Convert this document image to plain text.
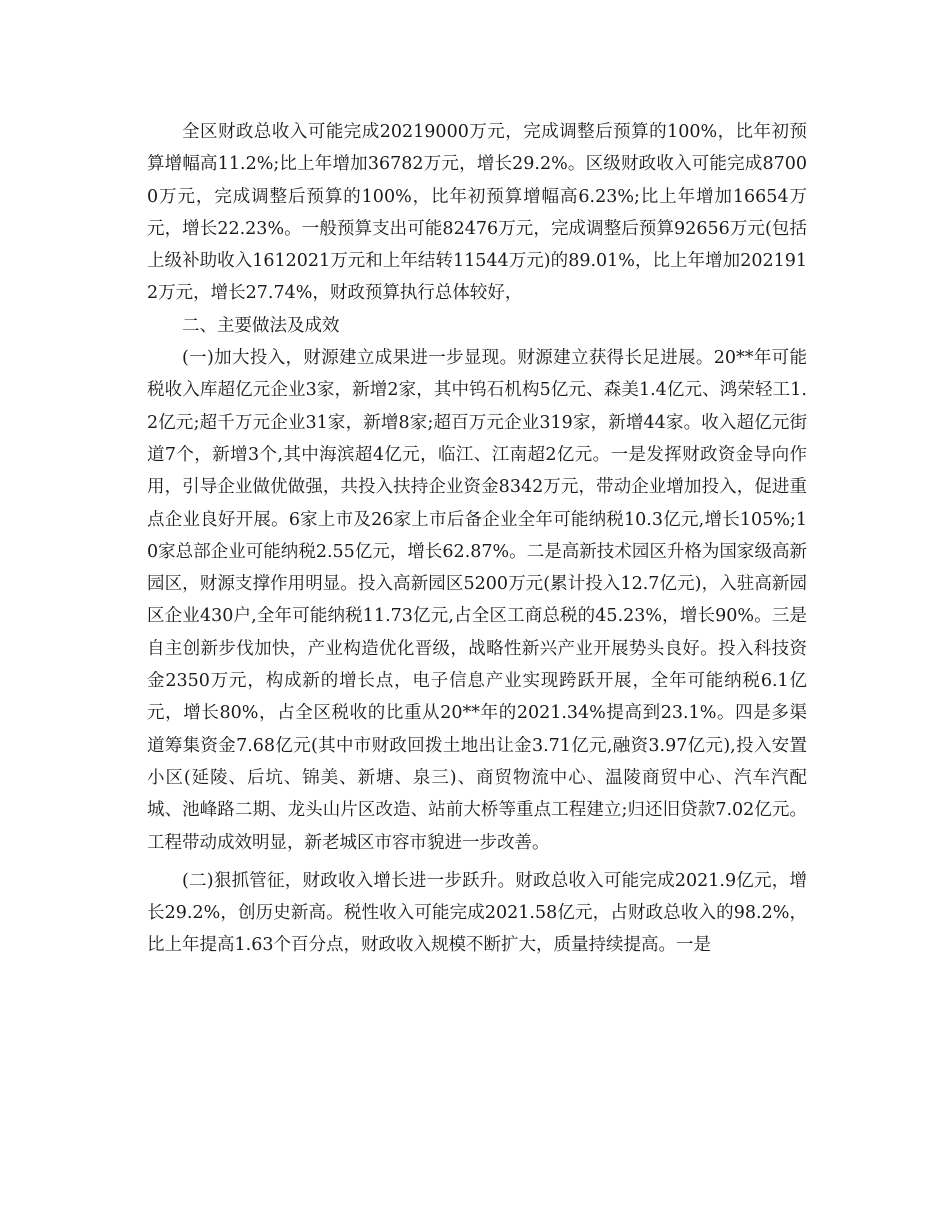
全区财政总收入可能完成20219000万元，完成调整后预算的100%，比年初预算增幅高11.2%;比上年增加36782万元，增长29.2%。区级财政收入可能完成87000万元，完成调整后预算的100%，比年初预算增幅高6.23%;比上年增加16654万元，增长22.23%。一般预算支出可能82476万元，完成调整后预算92656万元(包括上级补助收入1612021万元和上年结转11544万元)的89.01%，比上年增加2021912万元，增长27.74%，财政预算执行总体较好，

二、主要做法及成效

(一)加大投入，财源建立成果进一步显现。财源建立获得长足进展。20**年可能税收入库超亿元企业3家，新增2家，其中钨石机构5亿元、森美1.4亿元、鸿荣轻工1.2亿元;超千万元企业31家，新增8家;超百万元企业319家，新增44家。收入超亿元街道7个，新增3个,其中海滨超4亿元，临江、江南超2亿元。一是发挥财政资金导向作用，引导企业做优做强，共投入扶持企业资金8342万元，带动企业增加投入，促进重点企业良好开展。6家上市及26家上市后备企业全年可能纳税10.3亿元,增长105%;10家总部企业可能纳税2.55亿元，增长62.87%。二是高新技术园区升格为国家级高新园区，财源支撑作用明显。投入高新园区5200万元(累计投入12.7亿元)，入驻高新园区企业430户,全年可能纳税11.73亿元,占全区工商总税的45.23%，增长90%。三是自主创新步伐加快，产业构造优化晋级，战略性新兴产业开展势头良好。投入科技资金2350万元，构成新的增长点，电子信息产业实现跨跃开展，全年可能纳税6.1亿元，增长80%，占全区税收的比重从20**年的2021.34%提高到23.1%。四是多渠道筹集资金7.68亿元(其中市财政回拨土地出让金3.71亿元,融资3.97亿元),投入安置小区(延陵、后坑、锦美、新塘、泉三)、商贸物流中心、温陵商贸中心、汽车汽配城、池峰路二期、龙头山片区改造、站前大桥等重点工程建立;归还旧贷款7.02亿元。工程带动成效明显，新老城区市容市貌进一步改善。

(二)狠抓管征，财政收入增长进一步跃升。财政总收入可能完成2021.9亿元，增长29.2%，创历史新高。税性收入可能完成2021.58亿元，占财政总收入的98.2%，比上年提高1.63个百分点，财政收入规模不断扩大，质量持续提高。一是
